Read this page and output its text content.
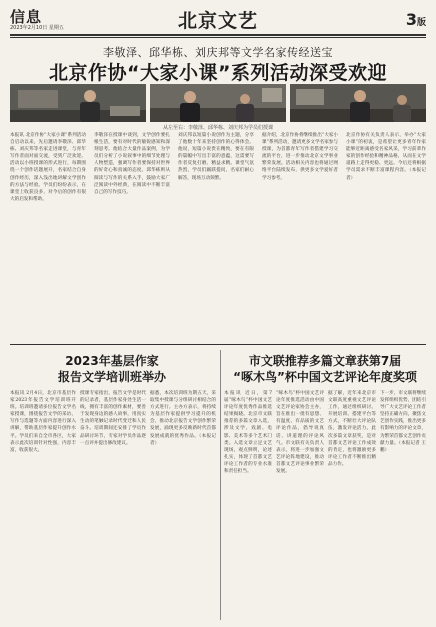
信息
2023年2月10日 星期五	北京文艺	3版
李敬泽、邱华栋、刘庆邦等文学名家传经送宝
北京作协“大家小课”系列活动深受欢迎
从左至右：李敬泽、邱华栋、刘庆邦为学员们授课
本报讯 北京作协“大家小课”系列活动自启动以来，先后邀请李敬泽、邱华栋、刘庆邦等名家走进课堂，与青年写作者面对面交流，受到广泛欢迎。活动以小班授课的形式进行，每期围绕一个创作话题展开，名家结合自身创作经历，深入浅出地讲解文学创作的方法与经验。学员们纷纷表示，在课堂上收获良多，对今后的创作有很大的启发和帮助。
李敬泽在授课中谈到，文学创作要扎根生活，要有对时代的敏锐感知和深刻思考。他结合大量作品案例，为学员们分析了小说叙事中的细节处理与人物塑造，强调写作者要保持对世界的好奇心和真诚的态度。邱华栋则从阅读与写作的关系入手，鼓励大家广泛阅读中外经典，在阅读中不断丰富自己的写作技巧。
刘庆邦以短篇小说创作为主题，分享了他数十年来坚持创作的心得体会。他说，短篇小说贵在精致，要在有限的篇幅中写出丰富的意蕴，这需要写作者反复打磨、精益求精。课堂气氛热烈，学员们踊跃提问，名家们耐心解答，现场互动频繁。
据介绍，北京作协将继续推出“大家小课”系列活动，邀请更多文学名家参与授课，为首都青年写作者搭建学习交流的平台，进一步推动北京文学事业繁荣发展。活动相关内容也将通过网络平台陆续发布，供更多文学爱好者学习参考。
北京作协有关负责人表示，举办“大家小课”的初衷，是希望让更多青年作家能够近距离感受名家风采，学习前辈作家的创作经验和精神品格，从而在文学道路上走得更稳、更远。今后还将根据学员需求不断丰富课程内容。（本报记者）
2023年基层作家
报告文学培训班举办
本报讯 2月4日，北京市基层作家2023年报告文学培训班开班。培训班邀请多位报告文学名家授课，围绕报告文学的采访、写作与选题等方面内容进行深入讲解，帮助基层作家提升创作水平。学员们来自全市各区，大家表示此次培训针对性强，内容丰富，收获很大。
授课专家指出，报告文学是时代的记录者，基层作家身处生活一线，拥有丰富的创作素材，要善于发现身边的感人故事，用真实生动的笔触记录时代变迁和人民奋斗。培训期间还安排了学员作品研讨环节，专家对学员作品逐一点评并提出修改建议。
据悉，本次培训班为期五天，采取集中授课与分组研讨相结合的方式进行。主办方表示，将持续为基层作家提供学习提升的机会，推动北京报告文学创作繁荣发展，涌现更多反映新时代首都发展成就的优秀作品。（本报记者）
市文联推荐多篇文章获第7届
“啄木鸟”杯中国文艺评论年度奖项
本报讯 近日，第7届“啄木鸟”杯中国文艺评论年度优秀作品推选结果揭晓。北京市文联推荐的多篇文章入选，涉及文学、戏剧、电影、美术等多个艺术门类。入选文章立足文艺现场，观点鲜明，论述扎实，体现了首都文艺评论工作者的专业水准和责任担当。
“啄木鸟”杯中国文艺评论年度推选活动由中国文艺评论家协会主办，旨在推出一批有思想、有温度、有品质的文艺评论作品，倡导说真话、讲道理的评论风气。市文联有关负责人表示，将进一步加强文艺评论阵地建设，推动首都文艺评论事业繁荣发展。
据了解，近年来北京市文联高度重视文艺评论工作，通过组织研讨、开展培训、搭建平台等方式，不断壮大评论队伍，激发评论活力。此次多篇文章获奖，是对首都文艺评论工作成效的肯定，也将激励更多评论工作者不断推出精品力作。
下一步，市文联将继续发挥组织优势，团结引导广大文艺评论工作者坚持正确方向，聚焦文艺创作实践，推出更多有影响力的评论文章，为繁荣首都文艺创作贡献力量。（本报记者 王鹏）
